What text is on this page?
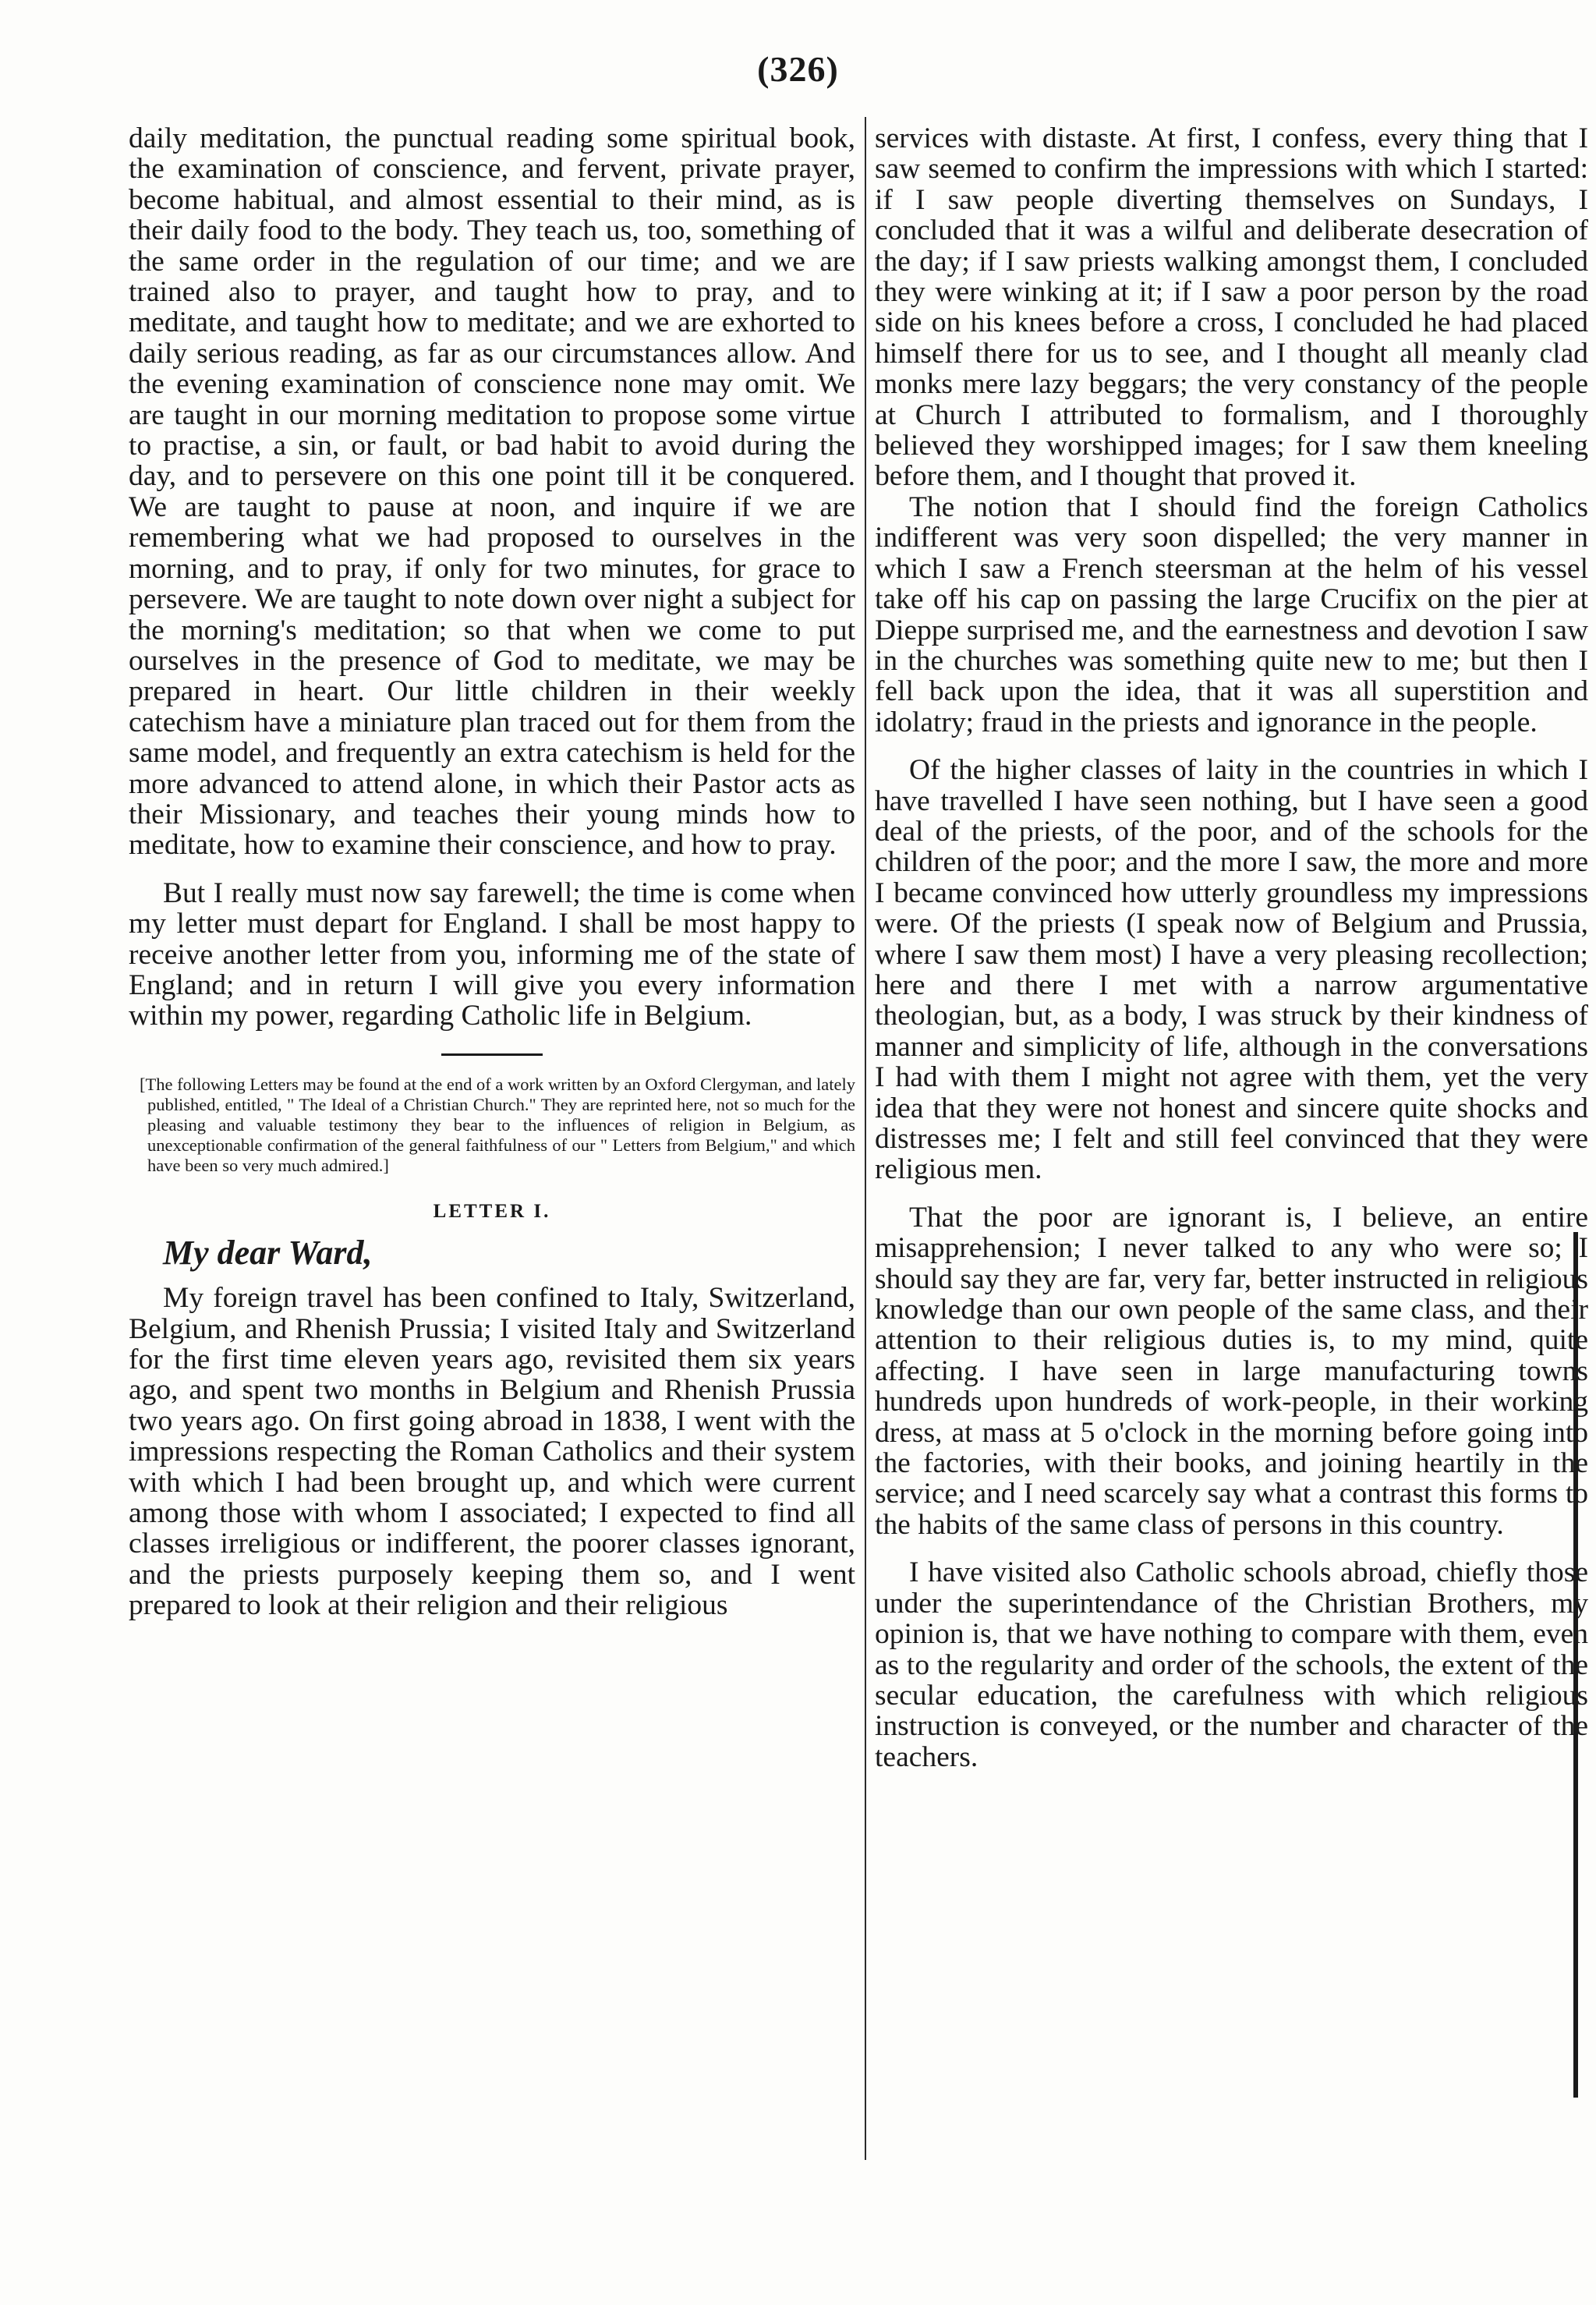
(326)

daily meditation, the punctual reading some spiritual book, the examination of conscience, and fervent, private prayer, become habitual, and almost essential to their mind, as is their daily food to the body. They teach us, too, something of the same order in the regulation of our time; and we are trained also to prayer, and taught how to pray, and to meditate, and taught how to meditate; and we are exhorted to daily serious reading, as far as our circumstances allow. And the evening examination of conscience none may omit. We are taught in our morning meditation to propose some virtue to practise, a sin, or fault, or bad habit to avoid during the day, and to persevere on this one point till it be conquered. We are taught to pause at noon, and inquire if we are remembering what we had proposed to ourselves in the morning, and to pray, if only for two minutes, for grace to persevere. We are taught to note down over night a subject for the morning's meditation; so that when we come to put ourselves in the presence of God to meditate, we may be prepared in heart. Our little children in their weekly catechism have a miniature plan traced out for them from the same model, and frequently an extra catechism is held for the more advanced to attend alone, in which their Pastor acts as their Missionary, and teaches their young minds how to meditate, how to examine their conscience, and how to pray.

But I really must now say farewell; the time is come when my letter must depart for England. I shall be most happy to receive another letter from you, informing me of the state of England; and in return I will give you every information within my power, regarding Catholic life in Belgium.

[The following Letters may be found at the end of a work written by an Oxford Clergyman, and lately published, entitled, " The Ideal of a Christian Church." They are reprinted here, not so much for the pleasing and valuable testimony they bear to the influences of religion in Belgium, as unexceptionable confirmation of the general faithfulness of our " Letters from Belgium," and which have been so very much admired.]

LETTER I.

My dear Ward,

My foreign travel has been confined to Italy, Switzerland, Belgium, and Rhenish Prussia; I visited Italy and Switzerland for the first time eleven years ago, revisited them six years ago, and spent two months in Belgium and Rhenish Prussia two years ago. On first going abroad in 1838, I went with the impressions respecting the Roman Catholics and their system with which I had been brought up, and which were current among those with whom I associated; I expected to find all classes irreligious or indifferent, the poorer classes ignorant, and the priests purposely keeping them so, and I went prepared to look at their religion and their religious

services with distaste. At first, I confess, every thing that I saw seemed to confirm the impressions with which I started: if I saw people diverting themselves on Sundays, I concluded that it was a wilful and deliberate desecration of the day; if I saw priests walking amongst them, I concluded they were winking at it; if I saw a poor person by the road side on his knees before a cross, I concluded he had placed himself there for us to see, and I thought all meanly clad monks mere lazy beggars; the very constancy of the people at Church I attributed to formalism, and I thoroughly believed they worshipped images; for I saw them kneeling before them, and I thought that proved it.

The notion that I should find the foreign Catholics indifferent was very soon dispelled; the very manner in which I saw a French steersman at the helm of his vessel take off his cap on passing the large Crucifix on the pier at Dieppe surprised me, and the earnestness and devotion I saw in the churches was something quite new to me; but then I fell back upon the idea, that it was all superstition and idolatry; fraud in the priests and ignorance in the people.

Of the higher classes of laity in the countries in which I have travelled I have seen nothing, but I have seen a good deal of the priests, of the poor, and of the schools for the children of the poor; and the more I saw, the more and more I became convinced how utterly groundless my impressions were. Of the priests (I speak now of Belgium and Prussia, where I saw them most) I have a very pleasing recollection; here and there I met with a narrow argumentative theologian, but, as a body, I was struck by their kindness of manner and simplicity of life, although in the conversations I had with them I might not agree with them, yet the very idea that they were not honest and sincere quite shocks and distresses me; I felt and still feel convinced that they were religious men.

That the poor are ignorant is, I believe, an entire misapprehension; I never talked to any who were so; I should say they are far, very far, better instructed in religious knowledge than our own people of the same class, and their attention to their religious duties is, to my mind, quite affecting. I have seen in large manufacturing towns hundreds upon hundreds of work-people, in their working dress, at mass at 5 o'clock in the morning before going into the factories, with their books, and joining heartily in the service; and I need scarcely say what a contrast this forms to the habits of the same class of persons in this country.

I have visited also Catholic schools abroad, chiefly those under the superintendance of the Christian Brothers, my opinion is, that we have nothing to compare with them, even as to the regularity and order of the schools, the extent of the secular education, the carefulness with which religious instruction is conveyed, or the number and character of the teachers.
